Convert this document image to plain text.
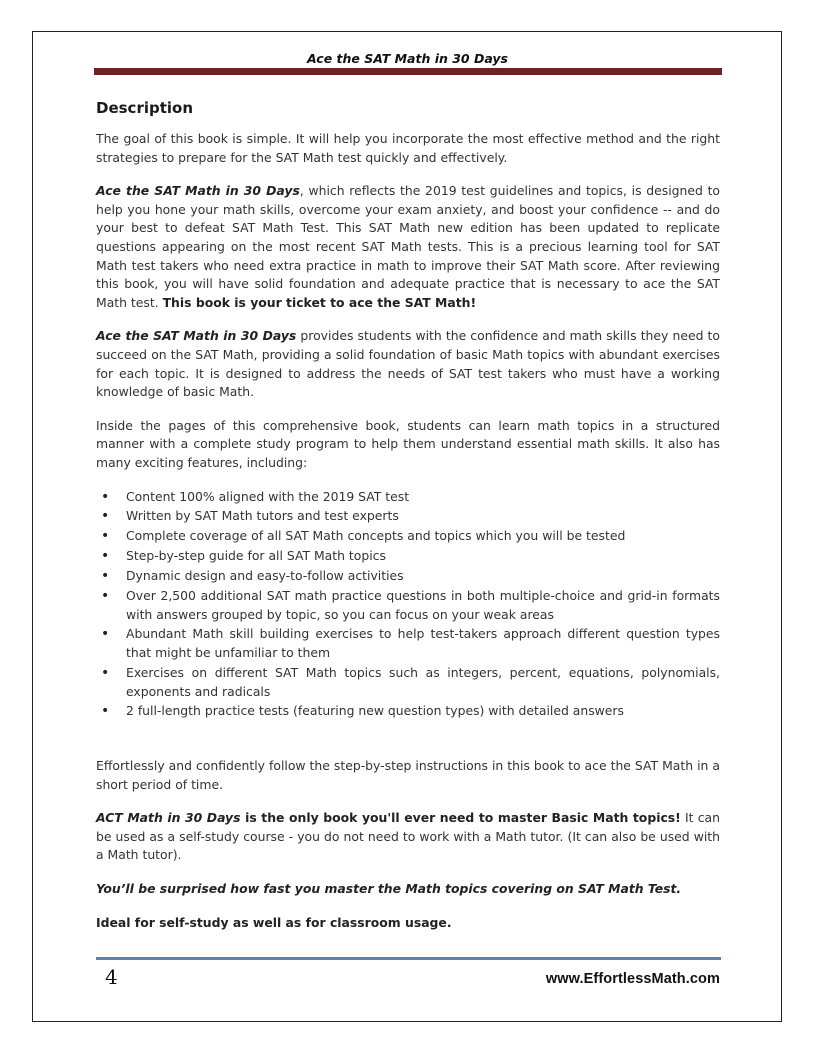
Ace the SAT Math in 30 Days
Description

The goal of this book is simple. It will help you incorporate the most effective method and the right strategies to prepare for the SAT Math test quickly and effectively.

Ace the SAT Math in 30 Days, which reflects the 2019 test guidelines and topics, is designed to help you hone your math skills, overcome your exam anxiety, and boost your confidence -- and do your best to defeat SAT Math Test. This SAT Math new edition has been updated to replicate questions appearing on the most recent SAT Math tests. This is a precious learning tool for SAT Math test takers who need extra practice in math to improve their SAT Math score. After reviewing this book, you will have solid foundation and adequate practice that is necessary to ace the SAT Math test. This book is your ticket to ace the SAT Math!

Ace the SAT Math in 30 Days provides students with the confidence and math skills they need to succeed on the SAT Math, providing a solid foundation of basic Math topics with abundant exercises for each topic. It is designed to address the needs of SAT test takers who must have a working knowledge of basic Math.

Inside the pages of this comprehensive book, students can learn math topics in a structured manner with a complete study program to help them understand essential math skills. It also has many exciting features, including:

• Content 100% aligned with the 2019 SAT test
• Written by SAT Math tutors and test experts
• Complete coverage of all SAT Math concepts and topics which you will be tested
• Step-by-step guide for all SAT Math topics
• Dynamic design and easy-to-follow activities
• Over 2,500 additional SAT math practice questions in both multiple-choice and grid-in formats with answers grouped by topic, so you can focus on your weak areas
• Abundant Math skill building exercises to help test-takers approach different question types that might be unfamiliar to them
• Exercises on different SAT Math topics such as integers, percent, equations, polynomials, exponents and radicals
• 2 full-length practice tests (featuring new question types) with detailed answers

Effortlessly and confidently follow the step-by-step instructions in this book to ace the SAT Math in a short period of time.

ACT Math in 30 Days is the only book you'll ever need to master Basic Math topics! It can be used as a self-study course - you do not need to work with a Math tutor. (It can also be used with a Math tutor).

You’ll be surprised how fast you master the Math topics covering on SAT Math Test.

Ideal for self-study as well as for classroom usage.

4	www.EffortlessMath.com
